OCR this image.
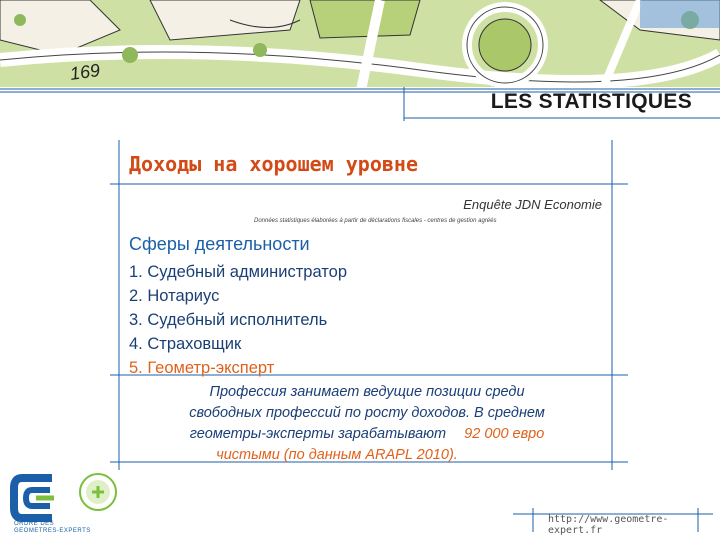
169
LES STATISTIQUES
Доходы на хорошем уровне
Enquête JDN Economie
Données statistiques élaborées à partir de déclarations fiscales - centres de gestion agréés
Сферы деятельности
1. Судебный администратор
2. Нотариус
3. Судебный исполнитель
4. Страховщик
5. Геометр-эксперт
Профессия занимает ведущие позиции среди
свободных профессий по росту доходов. В среднем
геометры-эксперты зарабатывают 92 000 евро
чистыми (по данным ARAPL 2010).
ORDRE DES
GEOMETRES-EXPERTS
http://www.geometre-expert.fr
